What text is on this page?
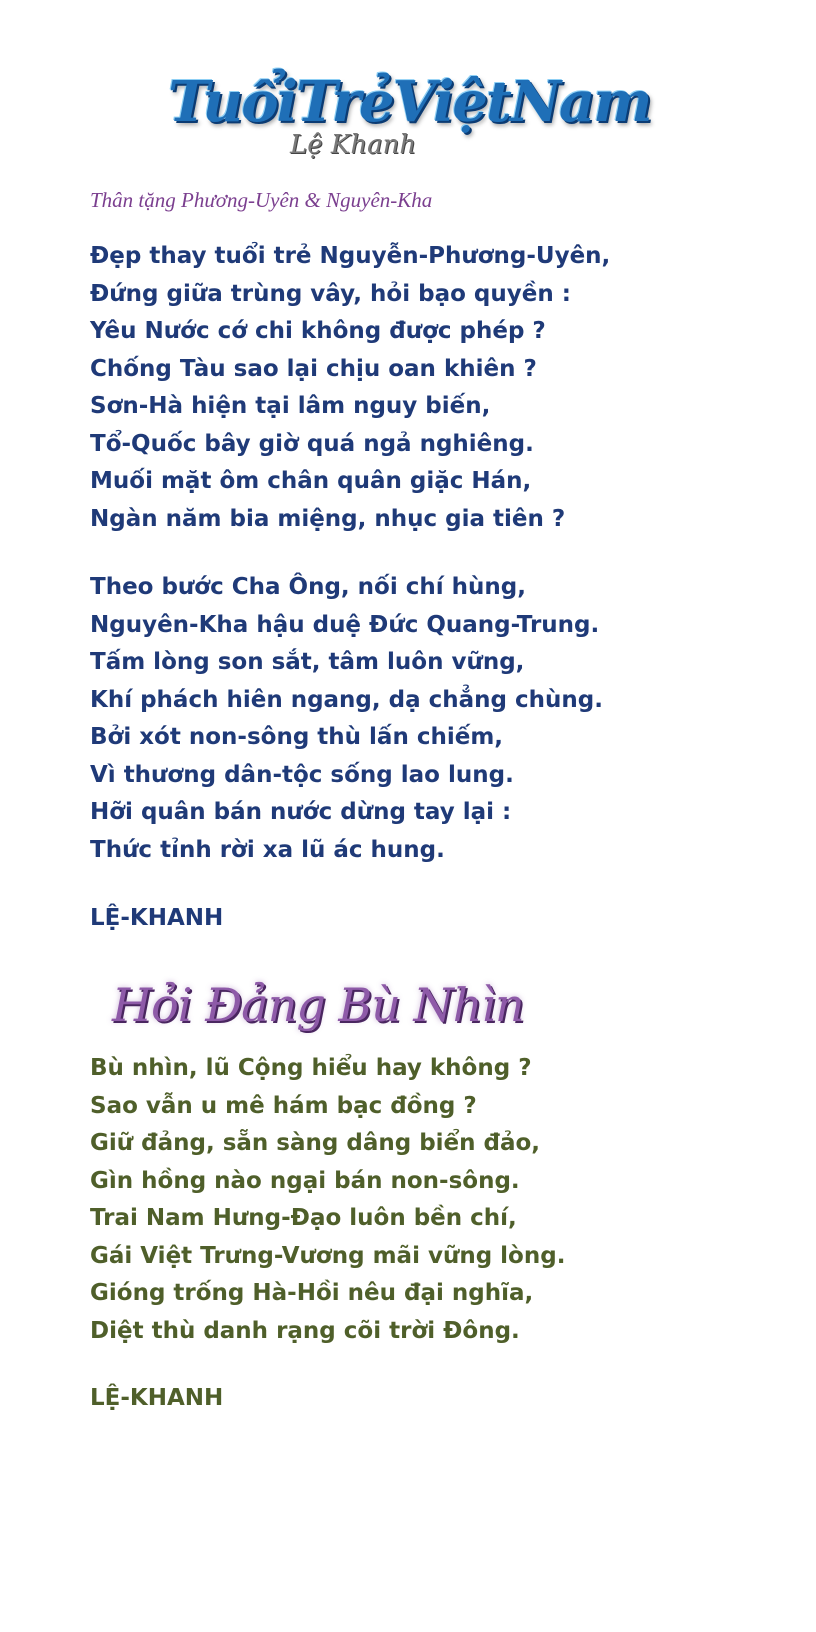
TuổiTrẻViệtNam
Lệ Khanh
Thân tặng Phương-Uyên & Nguyên-Kha
Đẹp thay tuổi trẻ Nguyễn-Phương-Uyên,
Đứng giữa trùng vây, hỏi bạo quyền :
Yêu Nước cớ chi không được phép ?
Chống Tàu sao lại chịu oan khiên ?
Sơn-Hà hiện tại lâm nguy biến,
Tổ-Quốc bây giờ quá ngả nghiêng.
Muối mặt ôm chân quân giặc Hán,
Ngàn năm bia miệng, nhục gia tiên ?
Theo bước Cha Ông, nối chí hùng,
Nguyên-Kha hậu duệ Đức Quang-Trung.
Tấm lòng son sắt, tâm luôn vững,
Khí phách hiên ngang, dạ chẳng chùng.
Bởi xót non-sông thù lấn chiếm,
Vì thương dân-tộc sống lao lung.
Hỡi quân bán nước dừng tay lại :
Thức tỉnh rời xa lũ ác hung.
LỆ-KHANH
Hỏi Đảng Bù Nhìn
Bù nhìn, lũ Cộng hiểu hay không ?
Sao vẫn u mê hám bạc đồng ?
Giữ đảng, sẵn sàng dâng biển đảo,
Gìn hồng nào ngại bán non-sông.
Trai Nam Hưng-Đạo luôn bền chí,
Gái Việt Trưng-Vương mãi vững lòng.
Gióng trống Hà-Hồi nêu đại nghĩa,
Diệt thù danh rạng cõi trời Đông.
LỆ-KHANH
